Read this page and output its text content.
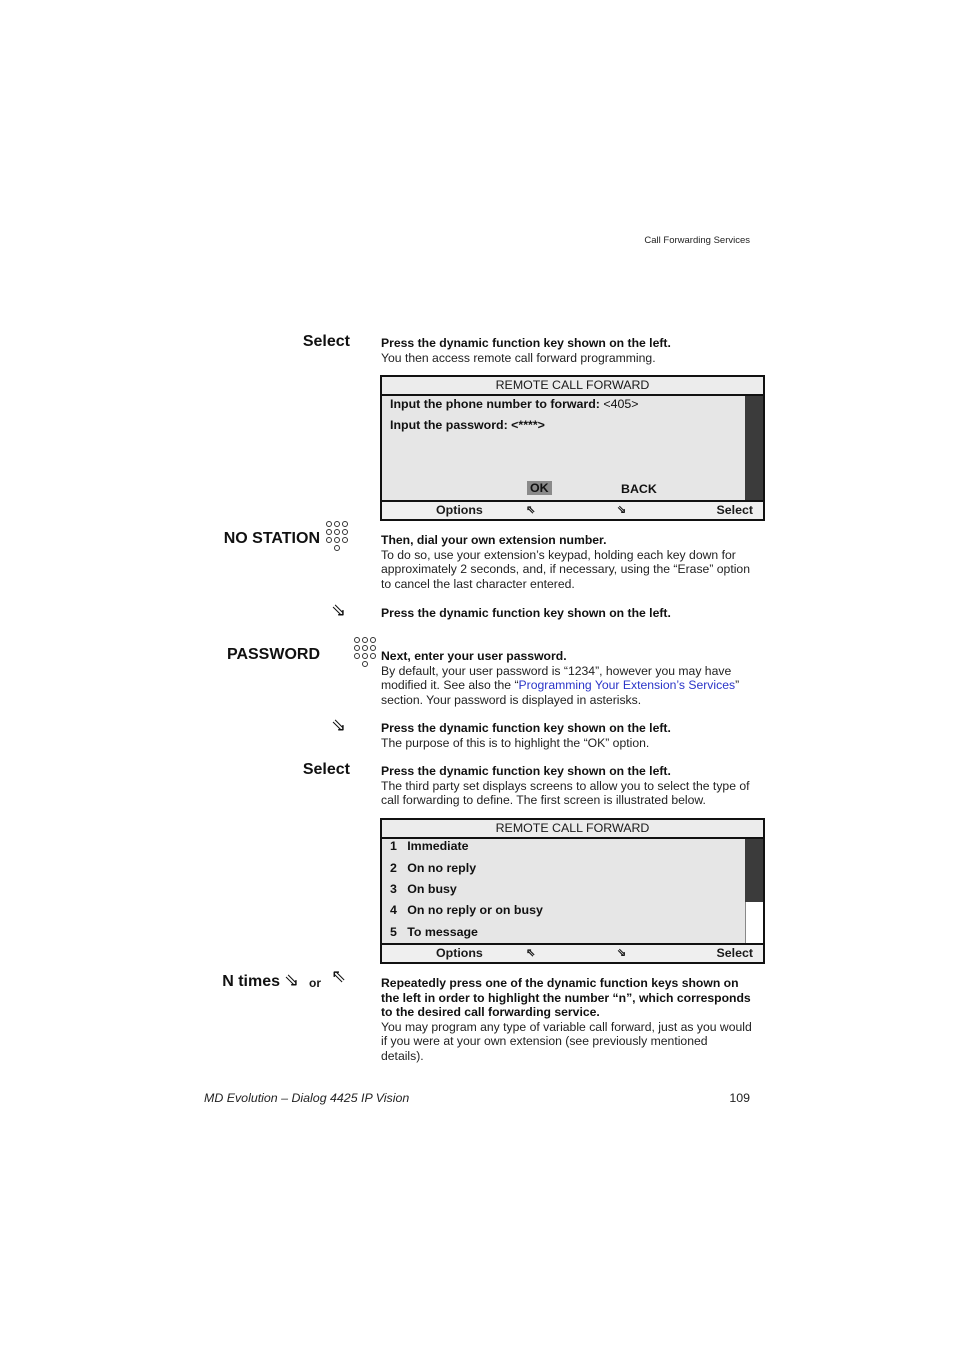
Call Forwarding Services
Select	Press the dynamic function key shown on the left.
You then access remote call forward programming.
REMOTE CALL FORWARD
Input the phone number to forward: <405>
Input the password: <****>
OK	BACK
Options	⇖	⇘	Select
NO STATION
	Then, dial your own extension number.
To do so, use your extension’s keypad, holding each key down for approximately 2 seconds, and, if necessary, using the “Erase” option to cancel the last character entered.
⇘	Press the dynamic function key shown on the left.
PASSWORD	Next, enter your user password.
By default, your user password is “1234”, however you may have modified it. See also the “Programming Your Extension’s Services” section. Your password is displayed in asterisks.
⇘	Press the dynamic function key shown on the left.
The purpose of this is to highlight the “OK” option.
Select	Press the dynamic function key shown on the left.
The third party set displays screens to allow you to select the type of call forwarding to define. The first screen is illustrated below.
REMOTE CALL FORWARD
1 Immediate
2 On no reply
3 On busy
4 On no reply or on busy
5 To message
Options	⇖	⇘	Select
N times ⇘ or ⇖	Repeatedly press one of the dynamic function keys shown on the left in order to highlight the number “n”, which corresponds to the desired call forwarding service.
You may program any type of variable call forward, just as you would if you were at your own extension (see previously mentioned details).
MD Evolution – Dialog 4425 IP Vision	109
